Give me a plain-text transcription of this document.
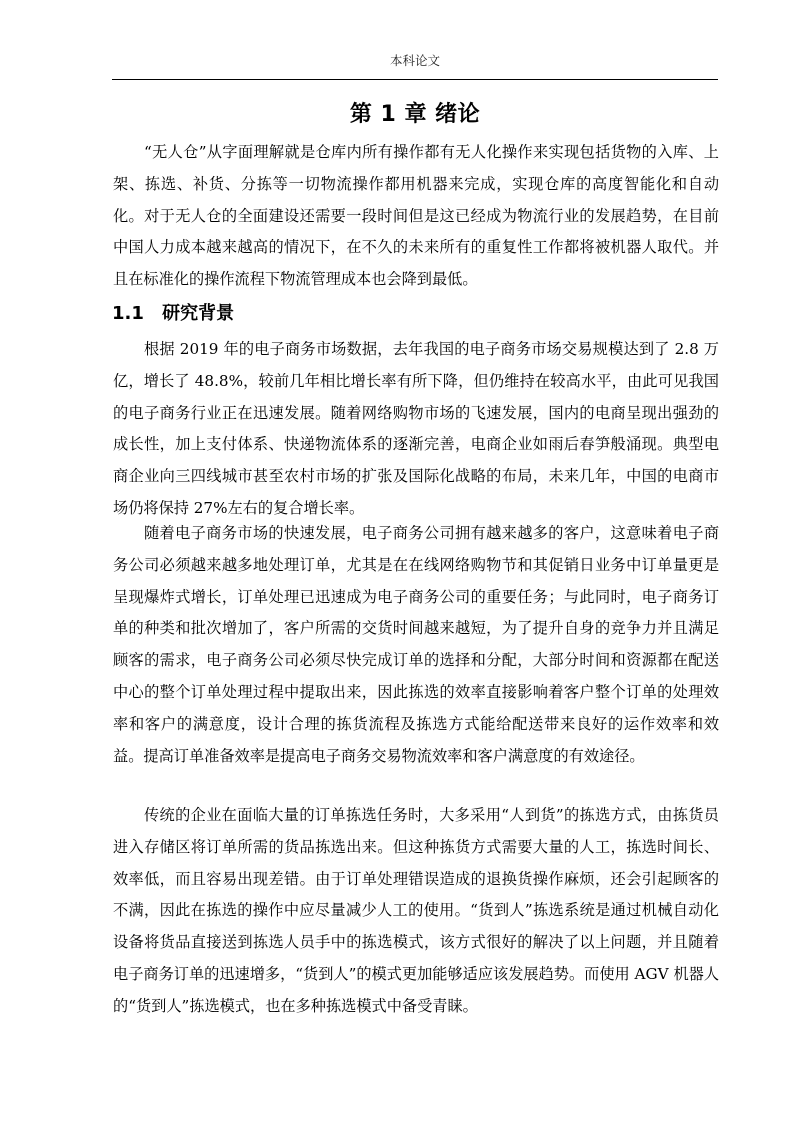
本科论文
第 1 章 绪论

“无人仓”从字面理解就是仓库内所有操作都有无人化操作来实现包括货物的入库、上架、拣选、补货、分拣等一切物流操作都用机器来完成，实现仓库的高度智能化和自动化。对于无人仓的全面建设还需要一段时间但是这已经成为物流行业的发展趋势，在目前中国人力成本越来越高的情况下，在不久的未来所有的重复性工作都将被机器人取代。并且在标准化的操作流程下物流管理成本也会降到最低。

1.1 研究背景

根据 2019 年的电子商务市场数据，去年我国的电子商务市场交易规模达到了 2.8 万亿，增长了 48.8%，较前几年相比增长率有所下降，但仍维持在较高水平，由此可见我国的电子商务行业正在迅速发展。随着网络购物市场的飞速发展，国内的电商呈现出强劲的成长性，加上支付体系、快递物流体系的逐渐完善，电商企业如雨后春笋般涌现。典型电商企业向三四线城市甚至农村市场的扩张及国际化战略的布局，未来几年，中国的电商市场仍将保持 27%左右的复合增长率。

随着电子商务市场的快速发展，电子商务公司拥有越来越多的客户，这意味着电子商务公司必须越来越多地处理订单，尤其是在在线网络购物节和其促销日业务中订单量更是呈现爆炸式增长，订单处理已迅速成为电子商务公司的重要任务；与此同时，电子商务订单的种类和批次增加了，客户所需的交货时间越来越短，为了提升自身的竞争力并且满足顾客的需求，电子商务公司必须尽快完成订单的选择和分配，大部分时间和资源都在配送中心的整个订单处理过程中提取出来，因此拣选的效率直接影响着客户整个订单的处理效率和客户的满意度，设计合理的拣货流程及拣选方式能给配送带来良好的运作效率和效益。提高订单准备效率是提高电子商务交易物流效率和客户满意度的有效途径。

传统的企业在面临大量的订单拣选任务时，大多采用“人到货”的拣选方式，由拣货员进入存储区将订单所需的货品拣选出来。但这种拣货方式需要大量的人工，拣选时间长、效率低，而且容易出现差错。由于订单处理错误造成的退换货操作麻烦，还会引起顾客的不满，因此在拣选的操作中应尽量减少人工的使用。“货到人”拣选系统是通过机械自动化设备将货品直接送到拣选人员手中的拣选模式，该方式很好的解决了以上问题，并且随着电子商务订单的迅速增多，“货到人”的模式更加能够适应该发展趋势。而使用 AGV 机器人的“货到人”拣选模式，也在多种拣选模式中备受青睐。
